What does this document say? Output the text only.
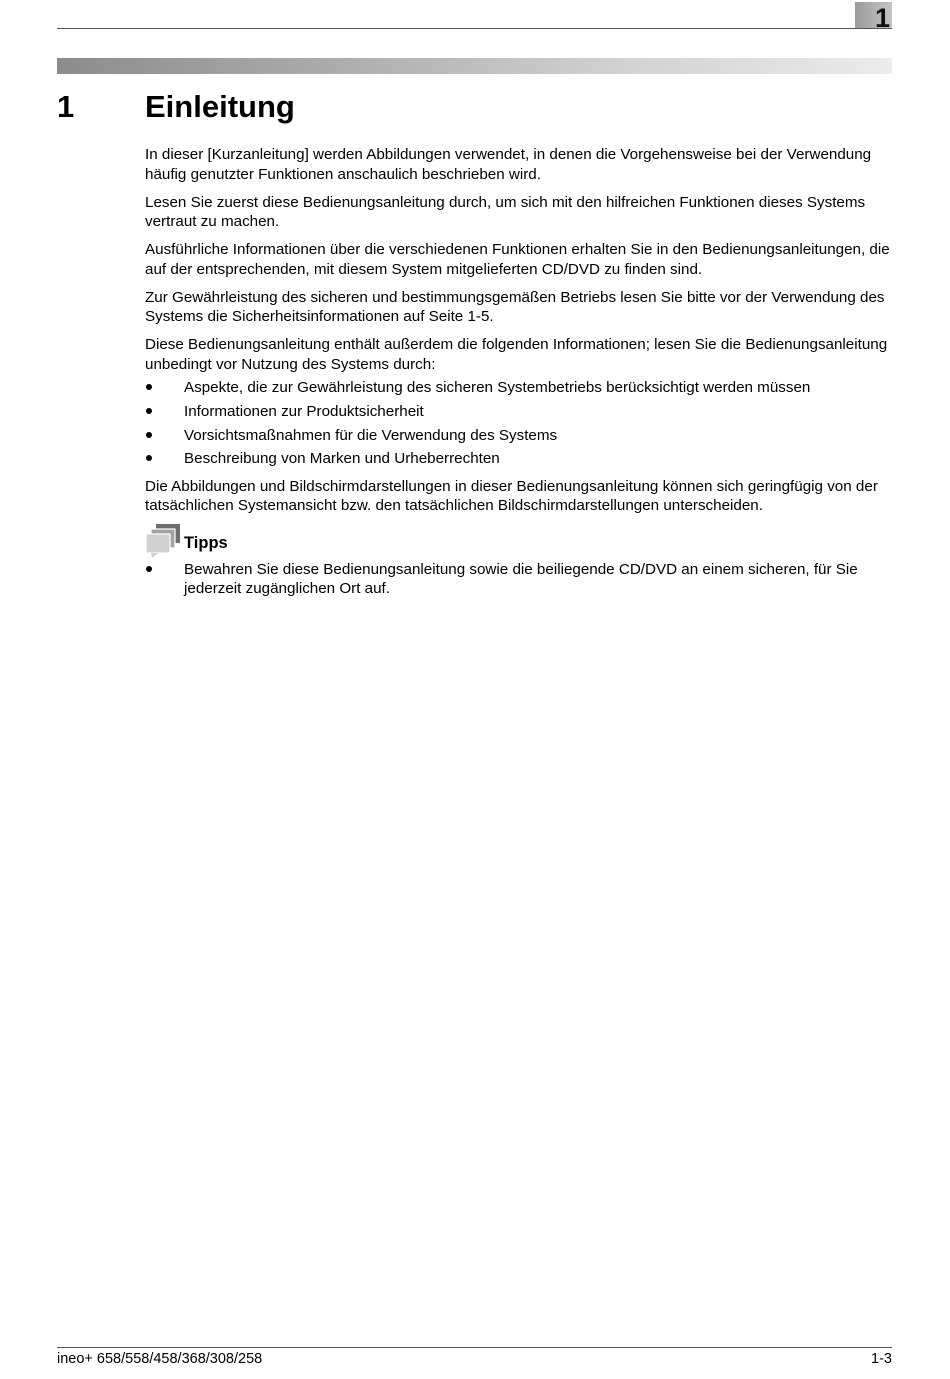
1
1 Einleitung

In dieser [Kurzanleitung] werden Abbildungen verwendet, in denen die Vorgehensweise bei der Verwendung häufig genutzter Funktionen anschaulich beschrieben wird.

Lesen Sie zuerst diese Bedienungsanleitung durch, um sich mit den hilfreichen Funktionen dieses Systems vertraut zu machen.

Ausführliche Informationen über die verschiedenen Funktionen erhalten Sie in den Bedienungsanleitungen, die auf der entsprechenden, mit diesem System mitgelieferten CD/DVD zu finden sind.

Zur Gewährleistung des sicheren und bestimmungsgemäßen Betriebs lesen Sie bitte vor der Verwendung des Systems die Sicherheitsinformationen auf Seite 1-5.

Diese Bedienungsanleitung enthält außerdem die folgenden Informationen; lesen Sie die Bedienungsanleitung unbedingt vor Nutzung des Systems durch:

Aspekte, die zur Gewährleistung des sicheren Systembetriebs berücksichtigt werden müssen
Informationen zur Produktsicherheit
Vorsichtsmaßnahmen für die Verwendung des Systems
Beschreibung von Marken und Urheberrechten

Die Abbildungen und Bildschirmdarstellungen in dieser Bedienungsanleitung können sich geringfügig von der tatsächlichen Systemansicht bzw. den tatsächlichen Bildschirmdarstellungen unterscheiden.

Tipps
Bewahren Sie diese Bedienungsanleitung sowie die beiliegende CD/DVD an einem sicheren, für Sie jederzeit zugänglichen Ort auf.
ineo+ 658/558/458/368/308/258	1-3
